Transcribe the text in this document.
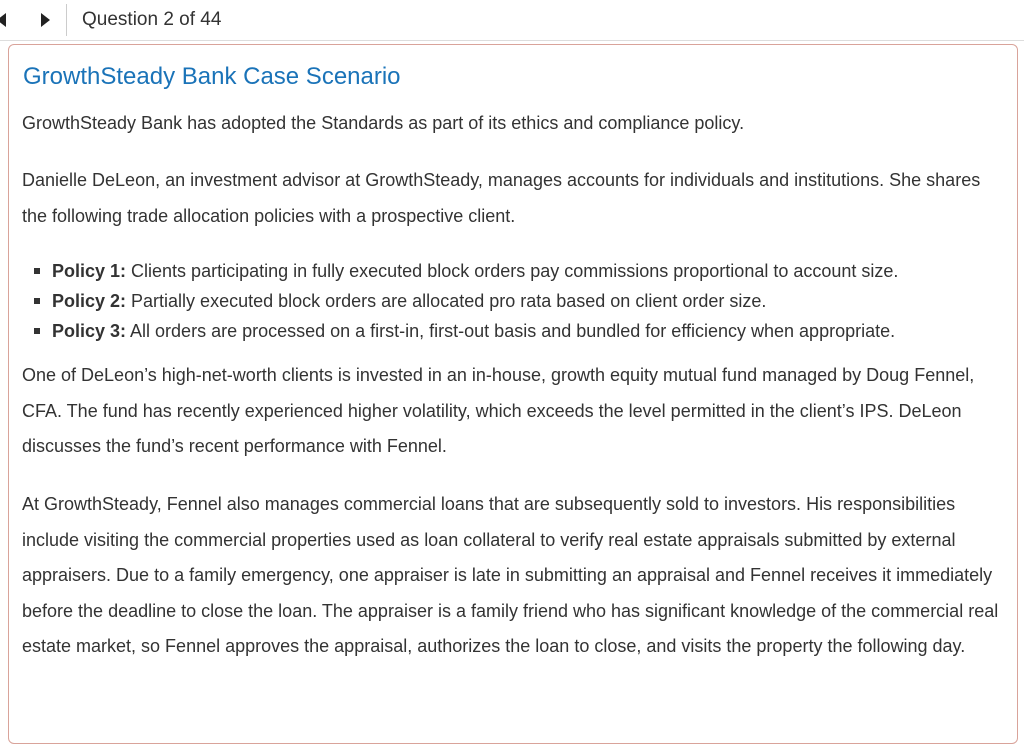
Question 2 of 44
GrowthSteady Bank Case Scenario

GrowthSteady Bank has adopted the Standards as part of its ethics and compliance policy.

Danielle DeLeon, an investment advisor at GrowthSteady, manages accounts for individuals and institutions. She shares the following trade allocation policies with a prospective client.

Policy 1: Clients participating in fully executed block orders pay commissions proportional to account size.
Policy 2: Partially executed block orders are allocated pro rata based on client order size.
Policy 3: All orders are processed on a first-in, first-out basis and bundled for efficiency when appropriate.

One of DeLeon’s high-net-worth clients is invested in an in-house, growth equity mutual fund managed by Doug Fennel, CFA. The fund has recently experienced higher volatility, which exceeds the level permitted in the client’s IPS. DeLeon discusses the fund’s recent performance with Fennel.

At GrowthSteady, Fennel also manages commercial loans that are subsequently sold to investors. His responsibilities include visiting the commercial properties used as loan collateral to verify real estate appraisals submitted by external appraisers. Due to a family emergency, one appraiser is late in submitting an appraisal and Fennel receives it immediately before the deadline to close the loan. The appraiser is a family friend who has significant knowledge of the commercial real estate market, so Fennel approves the appraisal, authorizes the loan to close, and visits the property the following day.
